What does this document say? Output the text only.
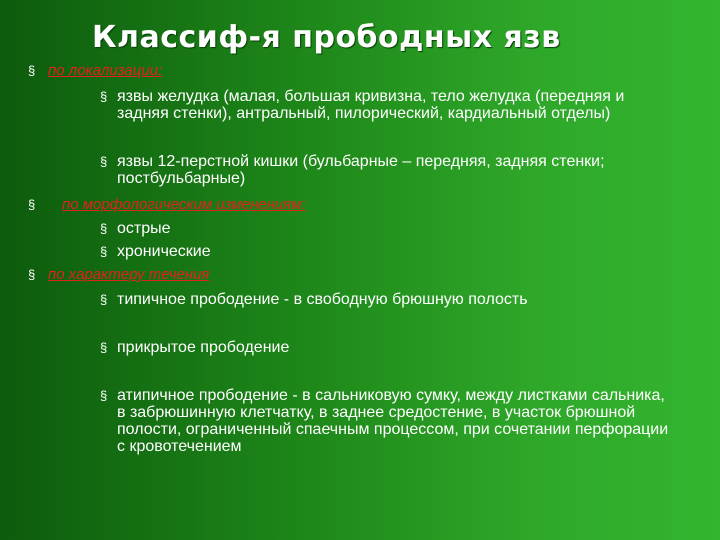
Классиф-я прободных язв
§ по локализации:
§ язвы желудка (малая, большая кривизна, тело желудка (передняя и задняя стенки), антральный, пилорический, кардиальный отделы)
§ язвы 12-перстной кишки (бульбарные – передняя, задняя стенки; постбульбарные)
§ по морфологическим изменениям:
§ острые
§ хронические
§ по характеру течения
§ типичное прободение - в свободную брюшную полость
§ прикрытое прободение
§ атипичное прободение - в сальниковую сумку, между листками сальника, в забрюшинную клетчатку, в заднее средостение, в участок брюшной полости, ограниченный спаечным процессом, при сочетании перфорации с кровотечением
